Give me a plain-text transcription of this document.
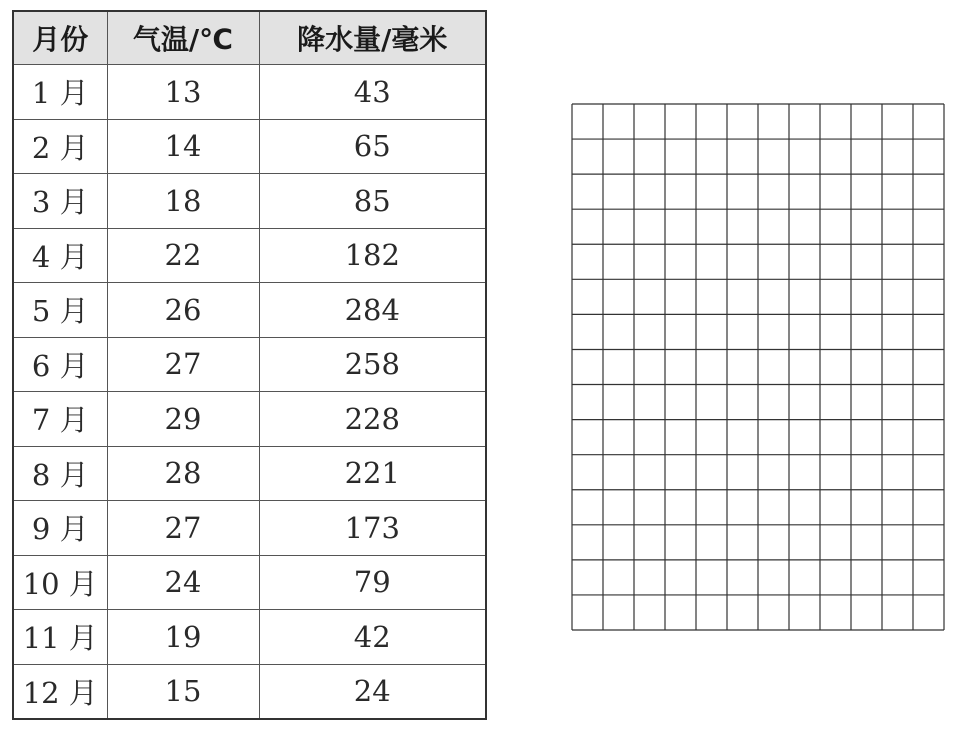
月份	气温/℃	降水量/毫米
1 月	13	43
2 月	14	65
3 月	18	85
4 月	22	182
5 月	26	284
6 月	27	258
7 月	29	228
8 月	28	221
9 月	27	173
10 月	24	79
11 月	19	42
12 月	15	24
